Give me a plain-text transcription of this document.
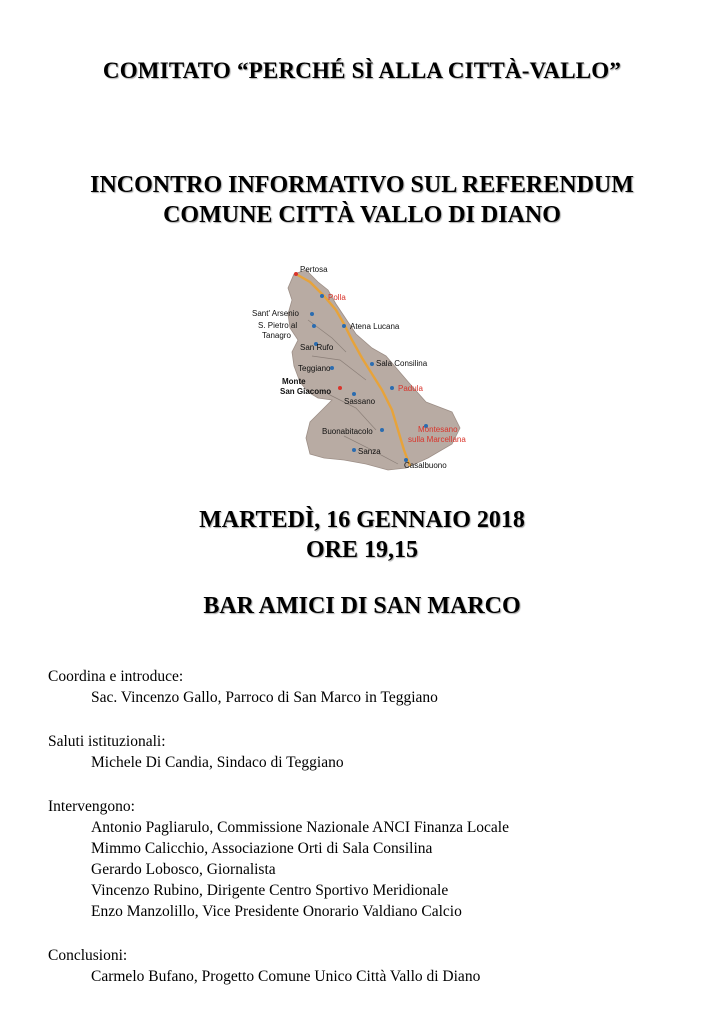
COMITATO “PERCHÉ SÌ ALLA CITTÀ-VALLO”
INCONTRO INFORMATIVO SUL REFERENDUM
COMUNE CITTÀ VALLO DI DIANO
Pertosa
Polla
Sant' Arsenio
S. Pietro al
Tanagro
Atena Lucana
San Rufo
Sala Consilina
Teggiano
Monte
San Giacomo	Padula
Sassano
Buonabitacolo	Montesano
sulla Marcellana
Sanza
Casalbuono
MARTEDÌ, 16 GENNAIO 2018
ORE 19,15
BAR AMICI DI SAN MARCO

Coordina e introduce:

Sac. Vincenzo Gallo, Parroco di San Marco in Teggiano

Saluti istituzionali:

Michele Di Candia, Sindaco di Teggiano

Intervengono:

Antonio Pagliarulo, Commissione Nazionale ANCI Finanza Locale

Mimmo Calicchio, Associazione Orti di Sala Consilina

Gerardo Lobosco, Giornalista

Vincenzo Rubino, Dirigente Centro Sportivo Meridionale

Enzo Manzolillo, Vice Presidente Onorario Valdiano Calcio

Conclusioni:

Carmelo Bufano, Progetto Comune Unico Città Vallo di Diano
